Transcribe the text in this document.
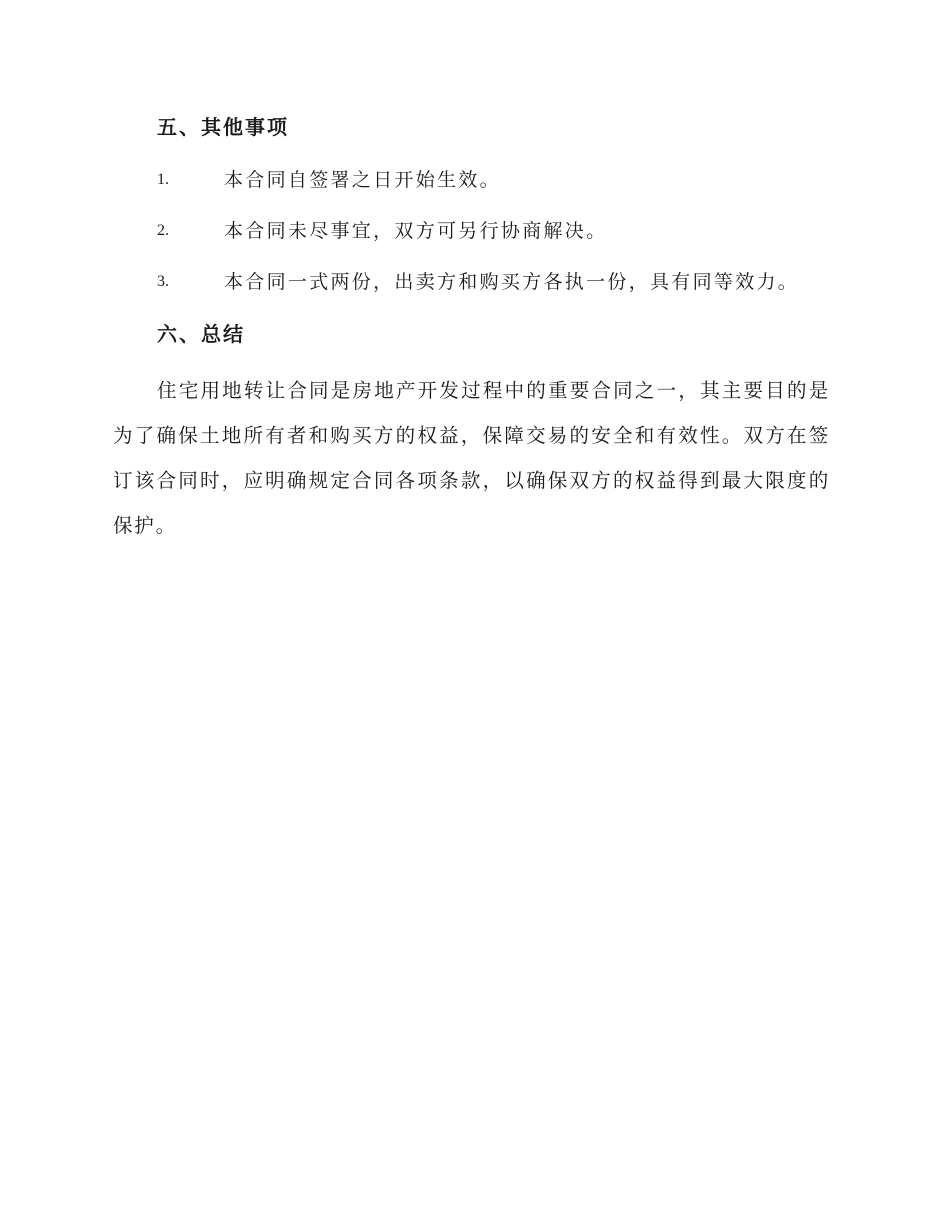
五、其他事项
1.	本合同自签署之日开始生效。
2.	本合同未尽事宜，双方可另行协商解决。
3.	本合同一式两份，出卖方和购买方各执一份，具有同等效力。
六、总结

住宅用地转让合同是房地产开发过程中的重要合同之一，其主要目的是为了确保土地所有者和购买方的权益，保障交易的安全和有效性。双方在签订该合同时，应明确规定合同各项条款，以确保双方的权益得到最大限度的保护。
